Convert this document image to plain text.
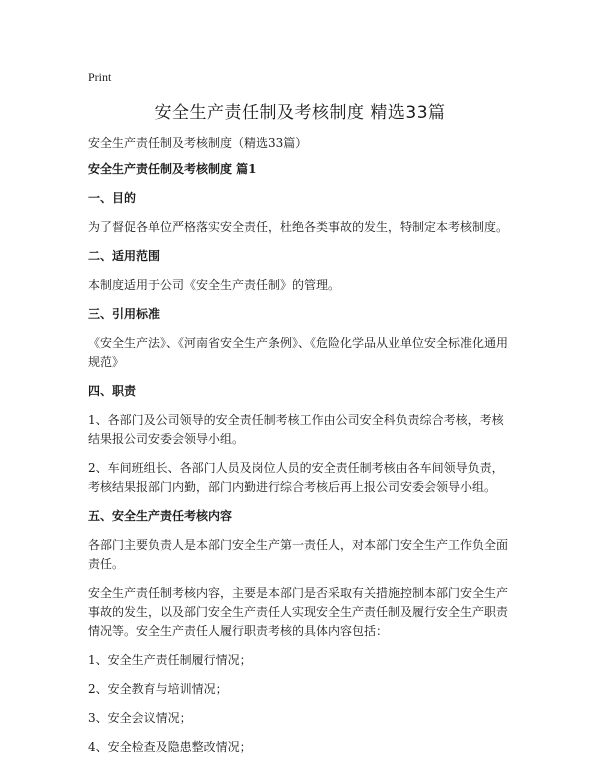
Print
安全生产责任制及考核制度 精选33篇
安全生产责任制及考核制度（精选33篇）
安全生产责任制及考核制度 篇1
一、目的

为了督促各单位严格落实安全责任，杜绝各类事故的发生，特制定本考核制度。

二、适用范围

本制度适用于公司《安全生产责任制》的管理。

三、引用标准

《安全生产法》、《河南省安全生产条例》、《危险化学品从业单位安全标准化通用规范》

四、职责

1、各部门及公司领导的安全责任制考核工作由公司安全科负责综合考核，考核结果报公司安委会领导小组。

2、车间班组长、各部门人员及岗位人员的安全责任制考核由各车间领导负责，考核结果报部门内勤，部门内勤进行综合考核后再上报公司安委会领导小组。

五、安全生产责任考核内容

各部门主要负责人是本部门安全生产第一责任人，对本部门安全生产工作负全面责任。

安全生产责任制考核内容，主要是本部门是否采取有关措施控制本部门安全生产事故的发生，以及部门安全生产责任人实现安全生产责任制及履行安全生产职责情况等。安全生产责任人履行职责考核的具体内容包括：

1、安全生产责任制履行情况；

2、安全教育与培训情况；

3、安全会议情况；

4、安全检查及隐患整改情况；
